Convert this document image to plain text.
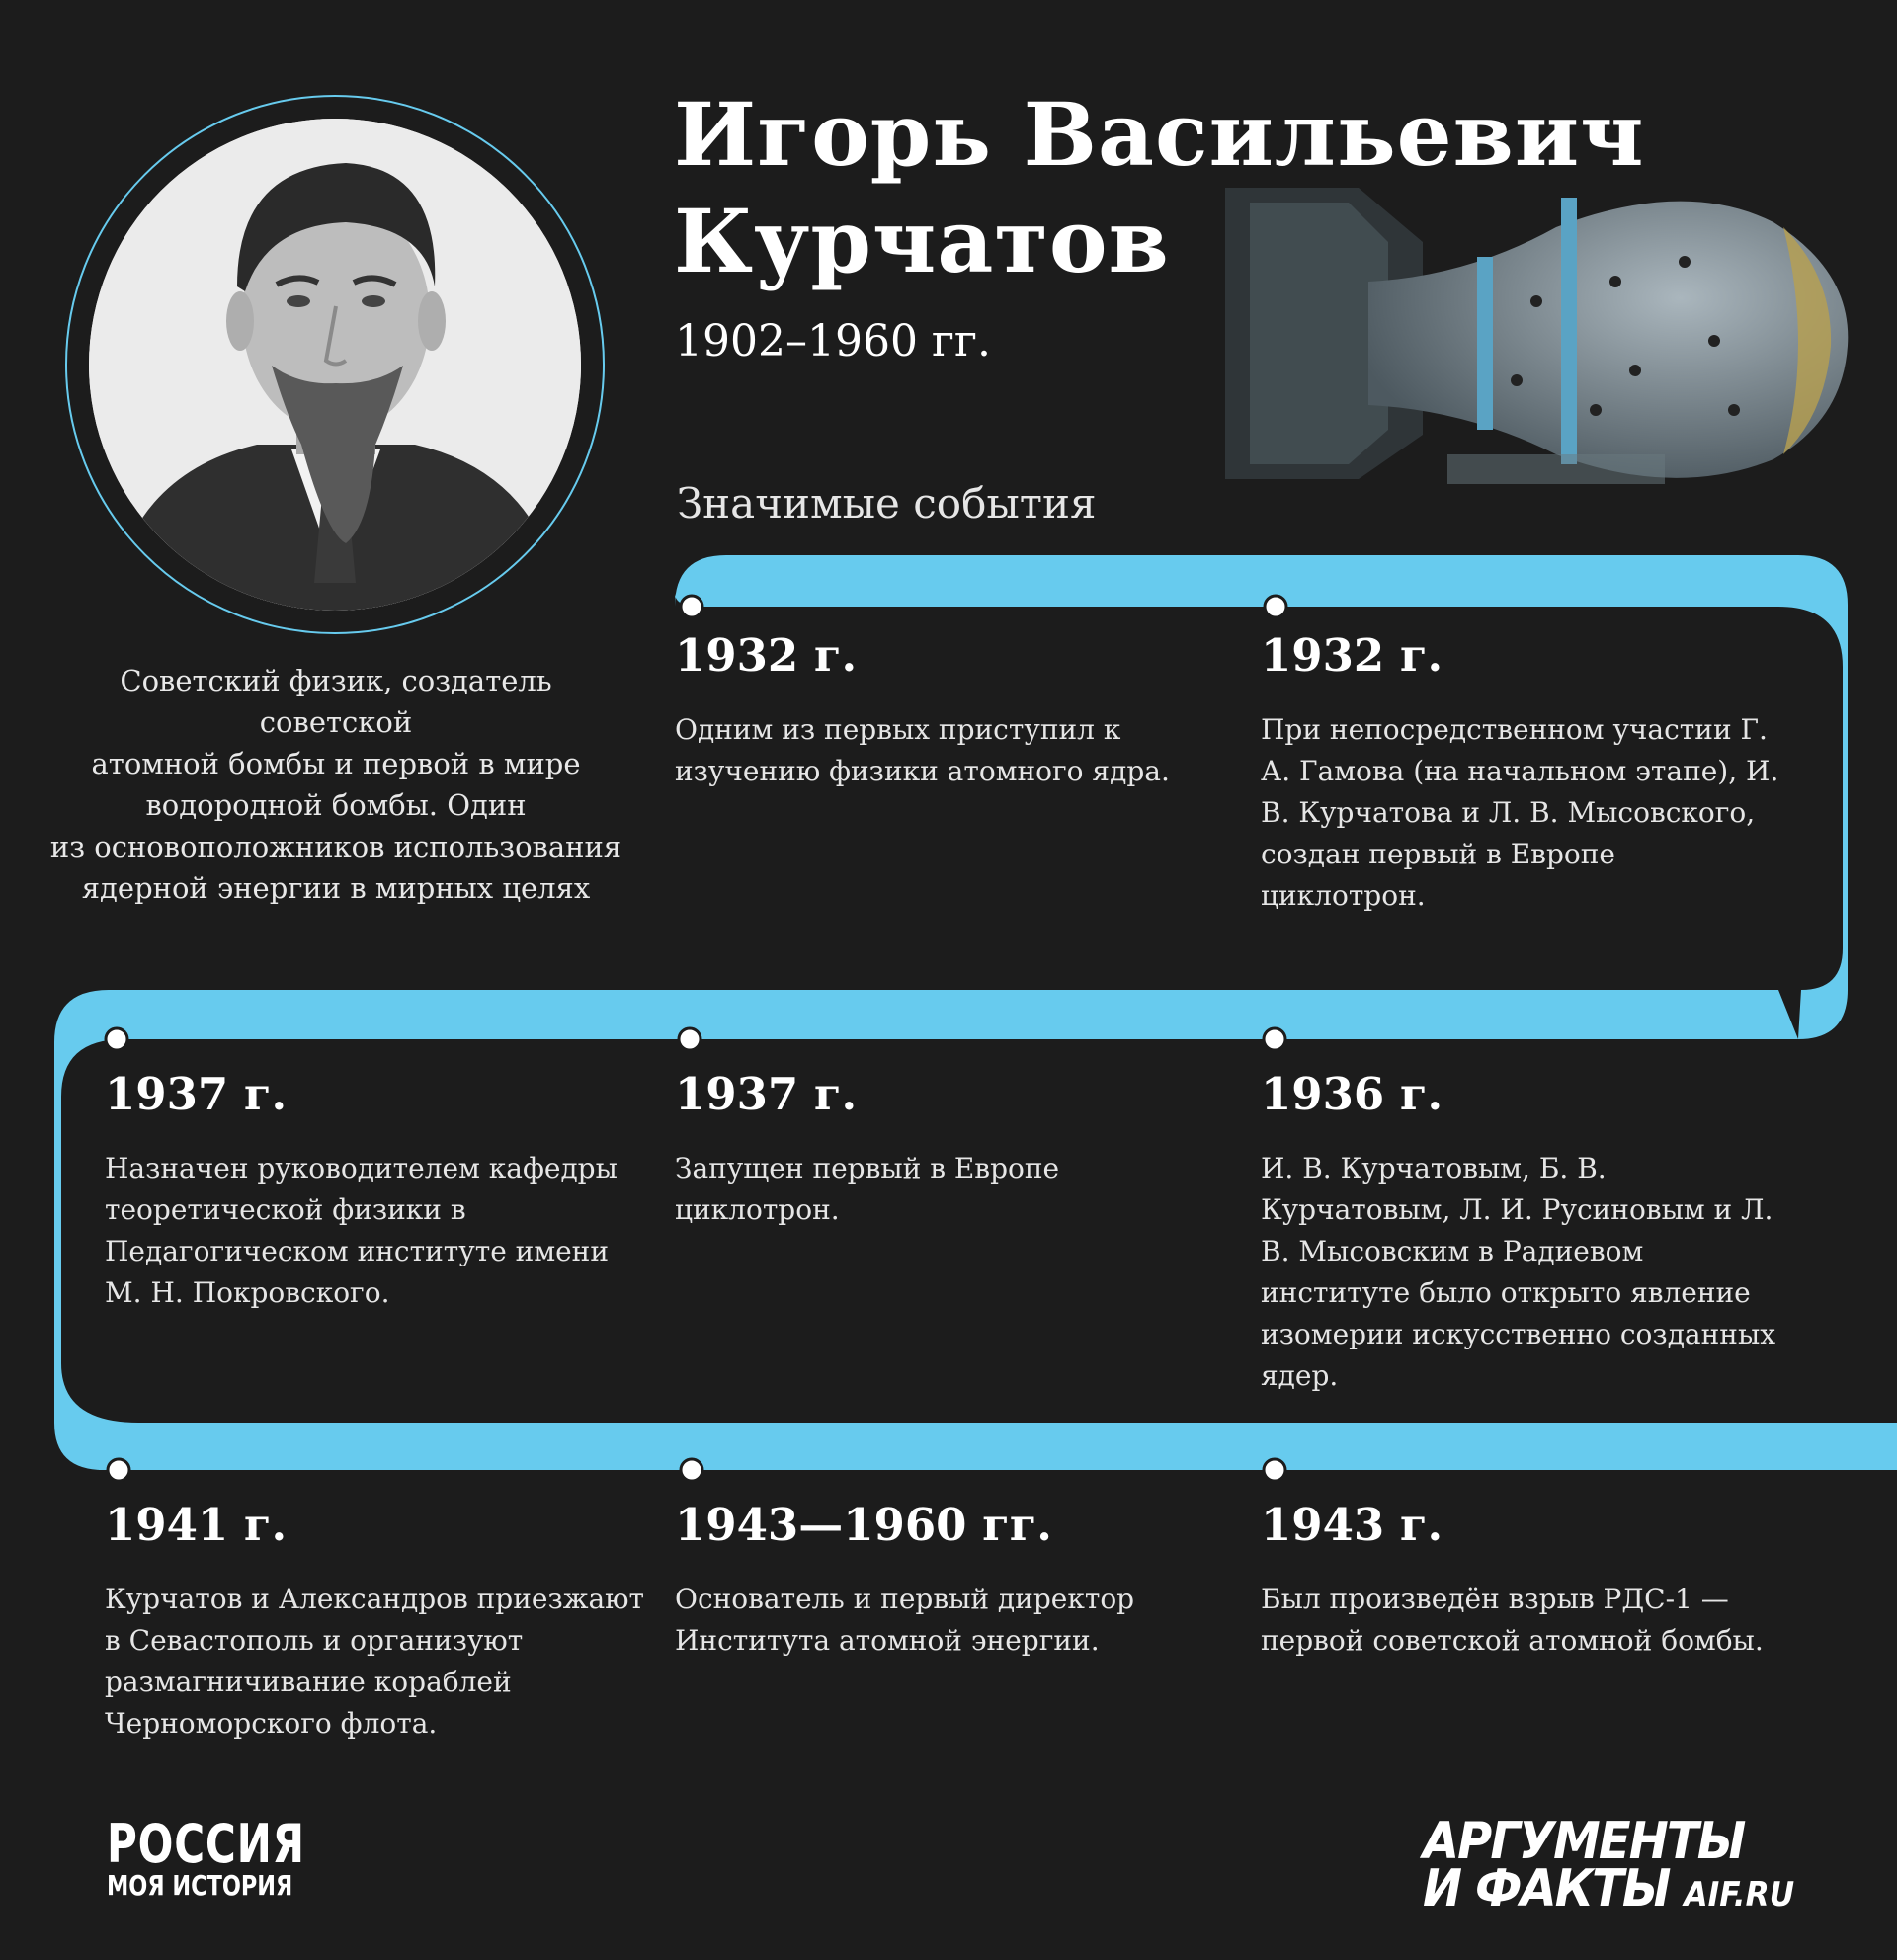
Советский физик, создатель советской
атомной бомбы и первой в мире
водородной бомбы. Один
из основоположников использования
ядерной энергии в мирных целях
Игорь Васильевич
Курчатов
1902–1960 гг.
Значимые события
1932 г.
Одним из первых приступил к изучению физики атомного ядра.
1932 г.
При непосредственном участии Г. А. Гамова (на начальном этапе), И. В. Курчатова и Л. В. Мысовского, создан первый в Европе циклотрон.
1937 г.
Назначен руководителем кафедры теоретической физики в Педагогическом институте имени М. Н. Покровского.
1937 г.
Запущен первый в Европе циклотрон.
1936 г.
И. В. Курчатовым, Б. В. Курчатовым, Л. И. Русиновым и Л. В. Мысовским в Радиевом институте было открыто явление изомерии искусственно созданных ядер.
1941 г.
Курчатов и Александров приезжают в Севастополь и организуют размагничивание кораблей Черноморского флота.
1943—1960 гг.
Основатель и первый директор Института атомной энергии.
1943 г.
Был произведён взрыв РДС-1 — первой советской атомной бомбы.
РОССИЯ
МОЯ ИСТОРИЯ
АРГУМЕНТЫ
И ФАКТЫ AIF.RU
